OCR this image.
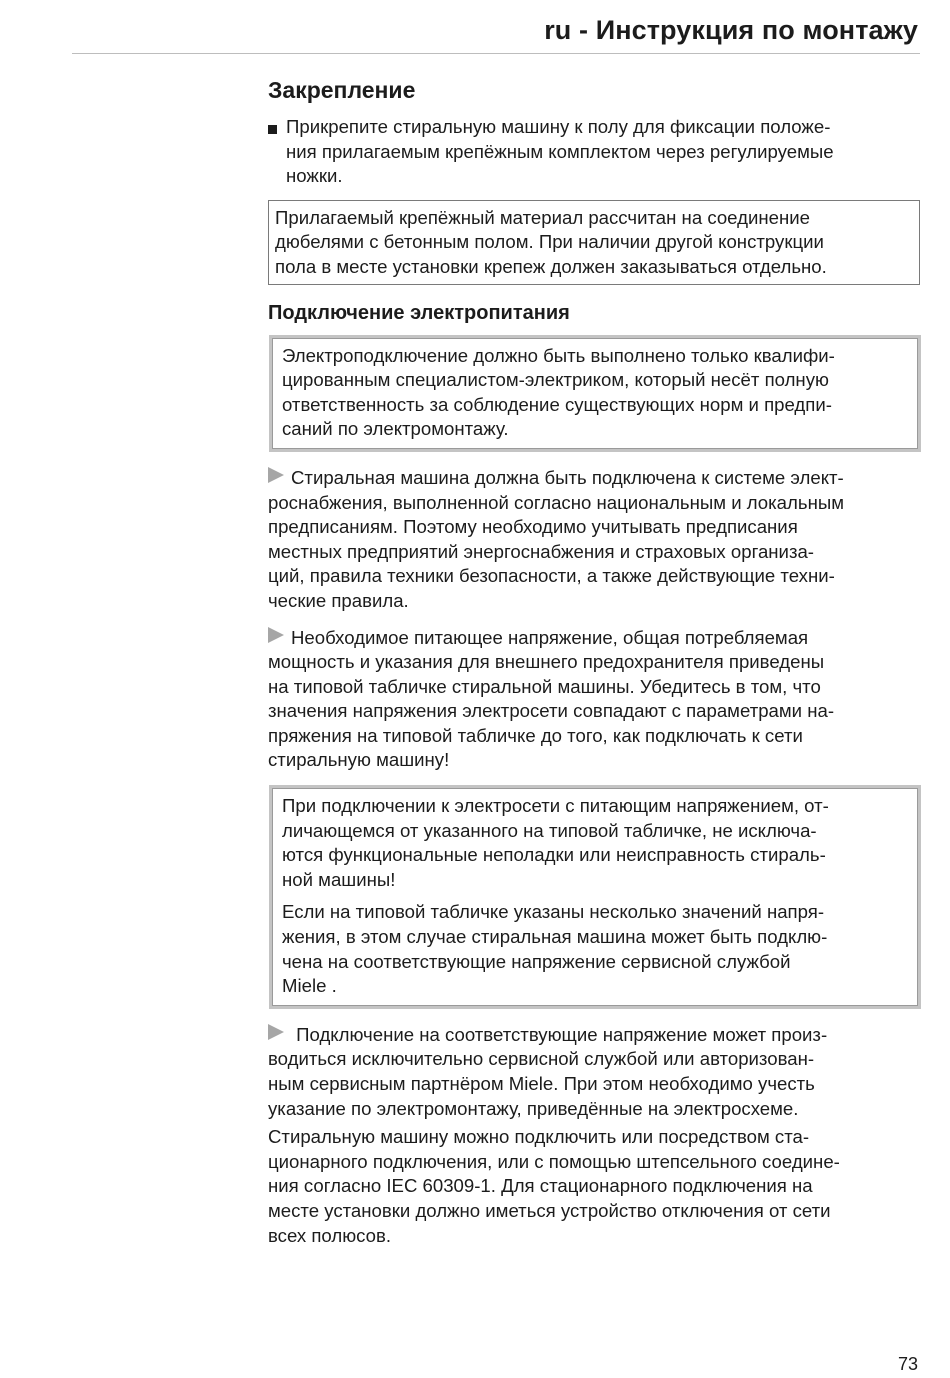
ru - Инструкция по монтажу
Закрепление
Прикрепите стиральную машину к полу для фиксации положе-
ния прилагаемым крепёжным комплектом через регулируемые
ножки.
Прилагаемый крепёжный материал рассчитан на соединение
дюбелями с бетонным полом. При наличии другой конструкции
пола в месте установки крепеж должен заказываться отдельно.
Подключение электропитания
Электроподключение должно быть выполнено только квалифи-
цированным специалистом-электриком, который несёт полную
ответственность за соблюдение существующих норм и предпи-
саний по электромонтажу.
Стиральная машина должна быть подключена к системе элект-
роснабжения, выполненной согласно национальным и локальным
предписаниям. Поэтому необходимо учитывать предписания
местных предприятий энергоснабжения и страховых организа-
ций, правила техники безопасности, а также действующие техни-
ческие правила.
Необходимое питающее напряжение, общая потребляемая
мощность и указания для внешнего предохранителя приведены
на типовой табличке стиральной машины. Убедитесь в том, что
значения напряжения электросети совпадают с параметрами на-
пряжения на типовой табличке до того, как подключать к сети
стиральную машину!
При подключении к электросети с питающим напряжением, от-
личающемся от указанного на типовой табличке, не исключа-
ются функциональные неполадки или неисправность стираль-
ной машины!
Если на типовой табличке указаны несколько значений напря-
жения, в этом случае стиральная машина может быть подклю-
чена на соответствующие напряжение сервисной службой
Miele .
Подключение на соответствующие напряжение может произ-
водиться исключительно сервисной службой или авторизован-
ным сервисным партнёром Miele. При этом необходимо учесть
указание по электромонтажу, приведённые на электросхеме.
Стиральную машину можно подключить или посредством ста-
ционарного подключения, или с помощью штепсельного соедине-
ния согласно IEC 60309-1. Для стационарного подключения на
месте установки должно иметься устройство отключения от сети
всех полюсов.
73
